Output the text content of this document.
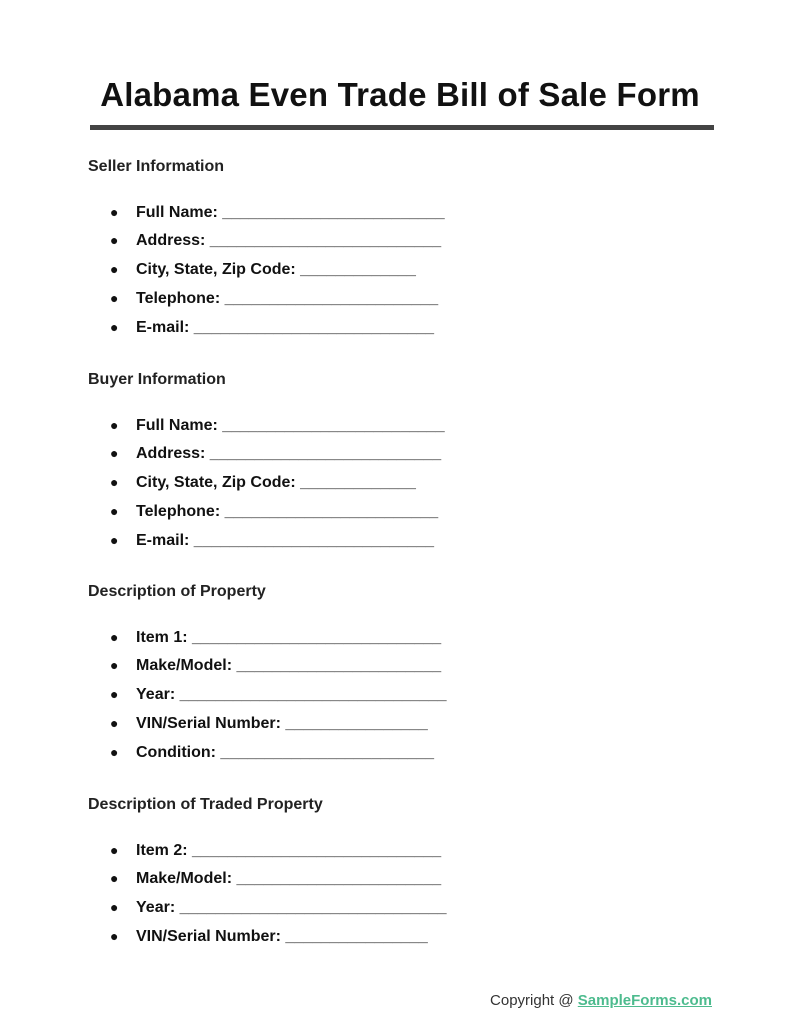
Alabama Even Trade Bill of Sale Form
Seller Information
● Full Name: _________________________
● Address: __________________________
● City, State, Zip Code: _____________
● Telephone: ________________________
● E-mail: ___________________________
Buyer Information
● Full Name: _________________________
● Address: __________________________
● City, State, Zip Code: _____________
● Telephone: ________________________
● E-mail: ___________________________
Description of Property
● Item 1: ____________________________
● Make/Model: _______________________
● Year: ______________________________
● VIN/Serial Number: ________________
● Condition: ________________________
Description of Traded Property
● Item 2: ____________________________
● Make/Model: _______________________
● Year: ______________________________
● VIN/Serial Number: ________________
Copyright @ SampleForms.com
